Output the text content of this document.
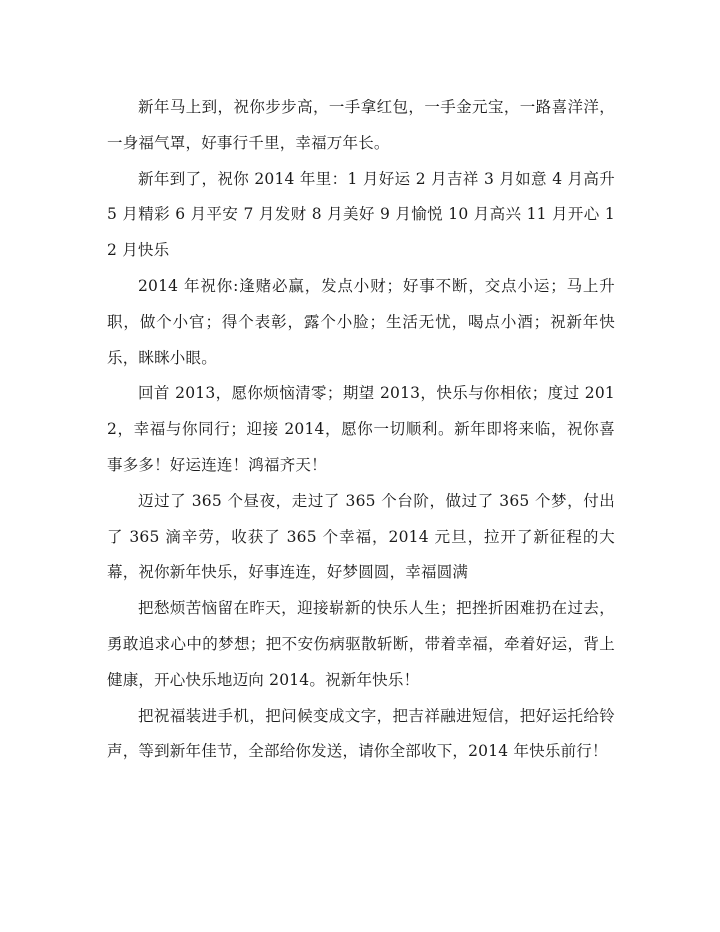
新年马上到，祝你步步高，一手拿红包，一手金元宝，一路喜洋洋，一身福气罩，好事行千里，幸福万年长。

新年到了，祝你 2014 年里：1 月好运 2 月吉祥 3 月如意 4 月高升 5 月精彩 6 月平安 7 月发财 8 月美好 9 月愉悦 10 月高兴 11 月开心 12 月快乐

2014 年祝你:逢赌必赢，发点小财；好事不断，交点小运；马上升职，做个小官；得个表彰，露个小脸；生活无忧，喝点小酒；祝新年快乐，眯眯小眼。

回首 2013，愿你烦恼清零；期望 2013，快乐与你相依；度过 2012，幸福与你同行；迎接 2014，愿你一切顺利。新年即将来临，祝你喜事多多！好运连连！鸿福齐天！

迈过了 365 个昼夜，走过了 365 个台阶，做过了 365 个梦，付出了 365 滴辛劳，收获了 365 个幸福，2014 元旦，拉开了新征程的大幕，祝你新年快乐，好事连连，好梦圆圆，幸福圆满

把愁烦苦恼留在昨天，迎接崭新的快乐人生；把挫折困难扔在过去，勇敢追求心中的梦想；把不安伤病驱散斩断，带着幸福，牵着好运，背上健康，开心快乐地迈向 2014。祝新年快乐！

把祝福装进手机，把问候变成文字，把吉祥融进短信，把好运托给铃声，等到新年佳节，全部给你发送，请你全部收下，2014 年快乐前行！
